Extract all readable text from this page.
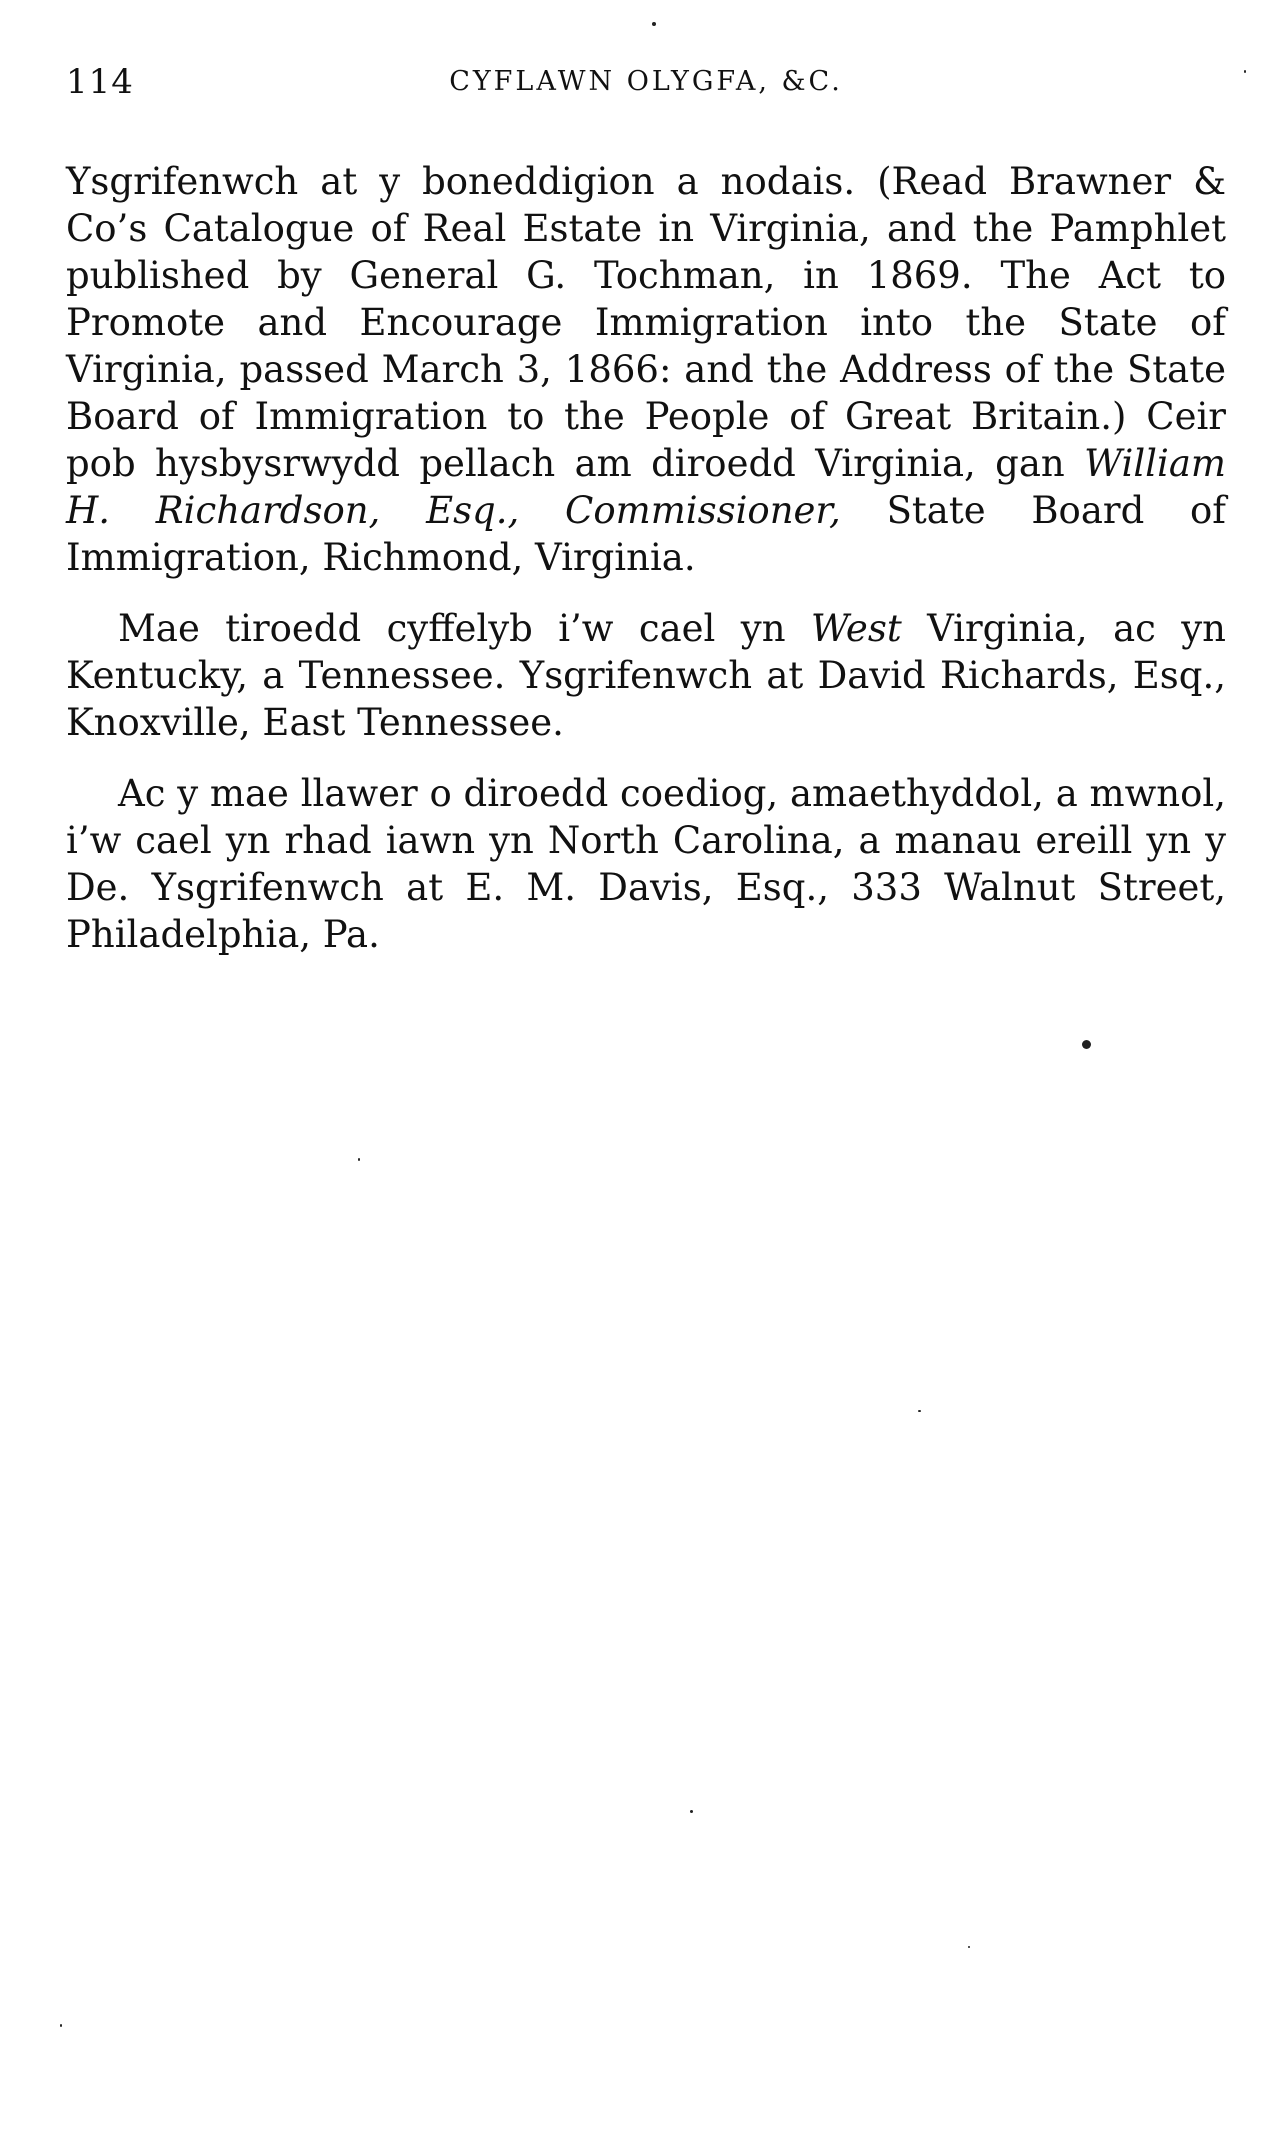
114	CYFLAWN OLYGFA, &C.

Ysgrifenwch at y boneddigion a nodais. (Read Brawner & Co’s Catalogue of Real Estate in Virginia, and the Pamphlet published by General G. Tochman, in 1869. The Act to Promote and Encourage Immigration into the State of Virginia, passed March 3, 1866: and the Address of the State Board of Immigration to the People of Great Britain.) Ceir pob hysbysrwydd pellach am diroedd Virginia, gan William H. Richardson, Esq., Commissioner, State Board of Immigration, Richmond, Virginia.

Mae tiroedd cyffelyb i’w cael yn West Virginia, ac yn Kentucky, a Tennessee. Ysgrifenwch at David Richards, Esq., Knoxville, East Tennessee.

Ac y mae llawer o diroedd coediog, amaethyddol, a mwnol, i’w cael yn rhad iawn yn North Carolina, a manau ereill yn y De. Ysgrifenwch at E. M. Davis, Esq., 333 Walnut Street, Philadelphia, Pa.
